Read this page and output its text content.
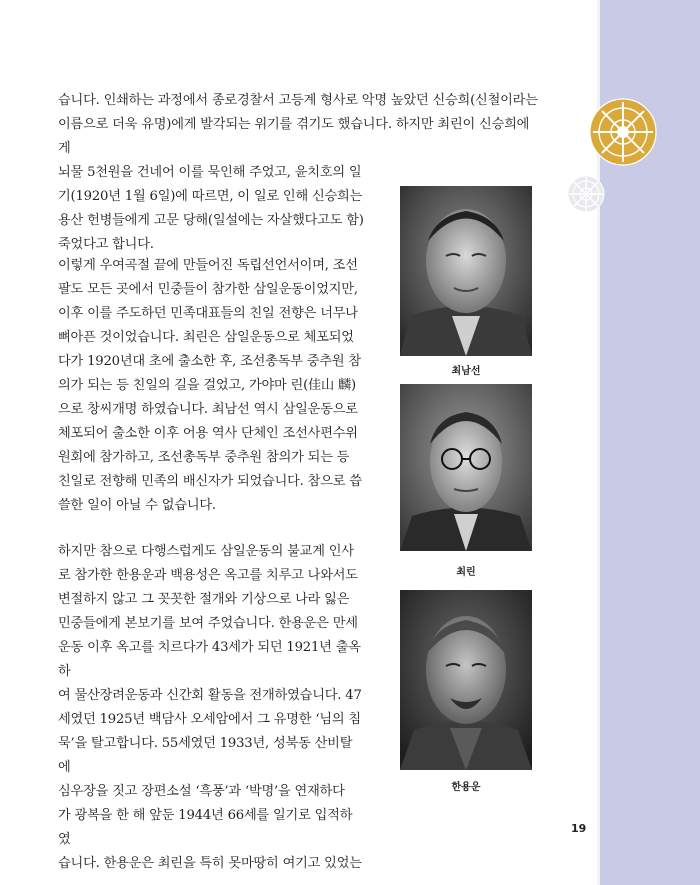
습니다. 인쇄하는 과정에서 종로경찰서 고등계 형사로 악명 높았던 신승희(신철이라는
이름으로 더욱 유명)에게 발각되는 위기를 겪기도 했습니다. 하지만 최린이 신승희에게
뇌물 5천원을 건네어 이를 묵인해 주었고, 윤치호의 일
기(1920년 1월 6일)에 따르면, 이 일로 인해 신승희는
용산 헌병들에게 고문 당해(일설에는 자살했다고도 함)
죽었다고 합니다.

이렇게 우여곡절 끝에 만들어진 독립선언서이며, 조선
팔도 모든 곳에서 민중들이 참가한 삼일운동이었지만,
이후 이를 주도하던 민족대표들의 친일 전향은 너무나
뼈아픈 것이었습니다. 최린은 삼일운동으로 체포되었
다가 1920년대 초에 출소한 후, 조선총독부 중추원 참
의가 되는 등 친일의 길을 걸었고, 가야마 린(佳山 麟)
으로 창씨개명 하였습니다. 최남선 역시 삼일운동으로
체포되어 출소한 이후 어용 역사 단체인 조선사편수위
원회에 참가하고, 조선총독부 중추원 참의가 되는 등
친일로 전향해 민족의 배신자가 되었습니다. 참으로 씁
쓸한 일이 아닐 수 없습니다.

하지만 참으로 다행스럽게도 삼일운동의 불교계 인사
로 참가한 한용운과 백용성은 옥고를 치루고 나와서도
변절하지 않고 그 꼿꼿한 절개와 기상으로 나라 잃은
민중들에게 본보기를 보여 주었습니다. 한용운은 만세
운동 이후 옥고를 치르다가 43세가 되던 1921년 출옥하
여 물산장려운동과 신간회 활동을 전개하였습니다. 47
세였던 1925년 백담사 오세암에서 그 유명한 ‘님의 침
묵’을 탈고합니다. 55세였던 1933년, 성북동 산비탈에
심우장을 짓고 장편소설 ‘흑풍’과 ‘박명’을 연재하다
가 광복을 한 해 앞둔 1944년 66세를 일기로 입적하였
습니다. 한용운은 최린을 특히 못마땅히 여기고 있었는

최남선
최린
한용운
19
